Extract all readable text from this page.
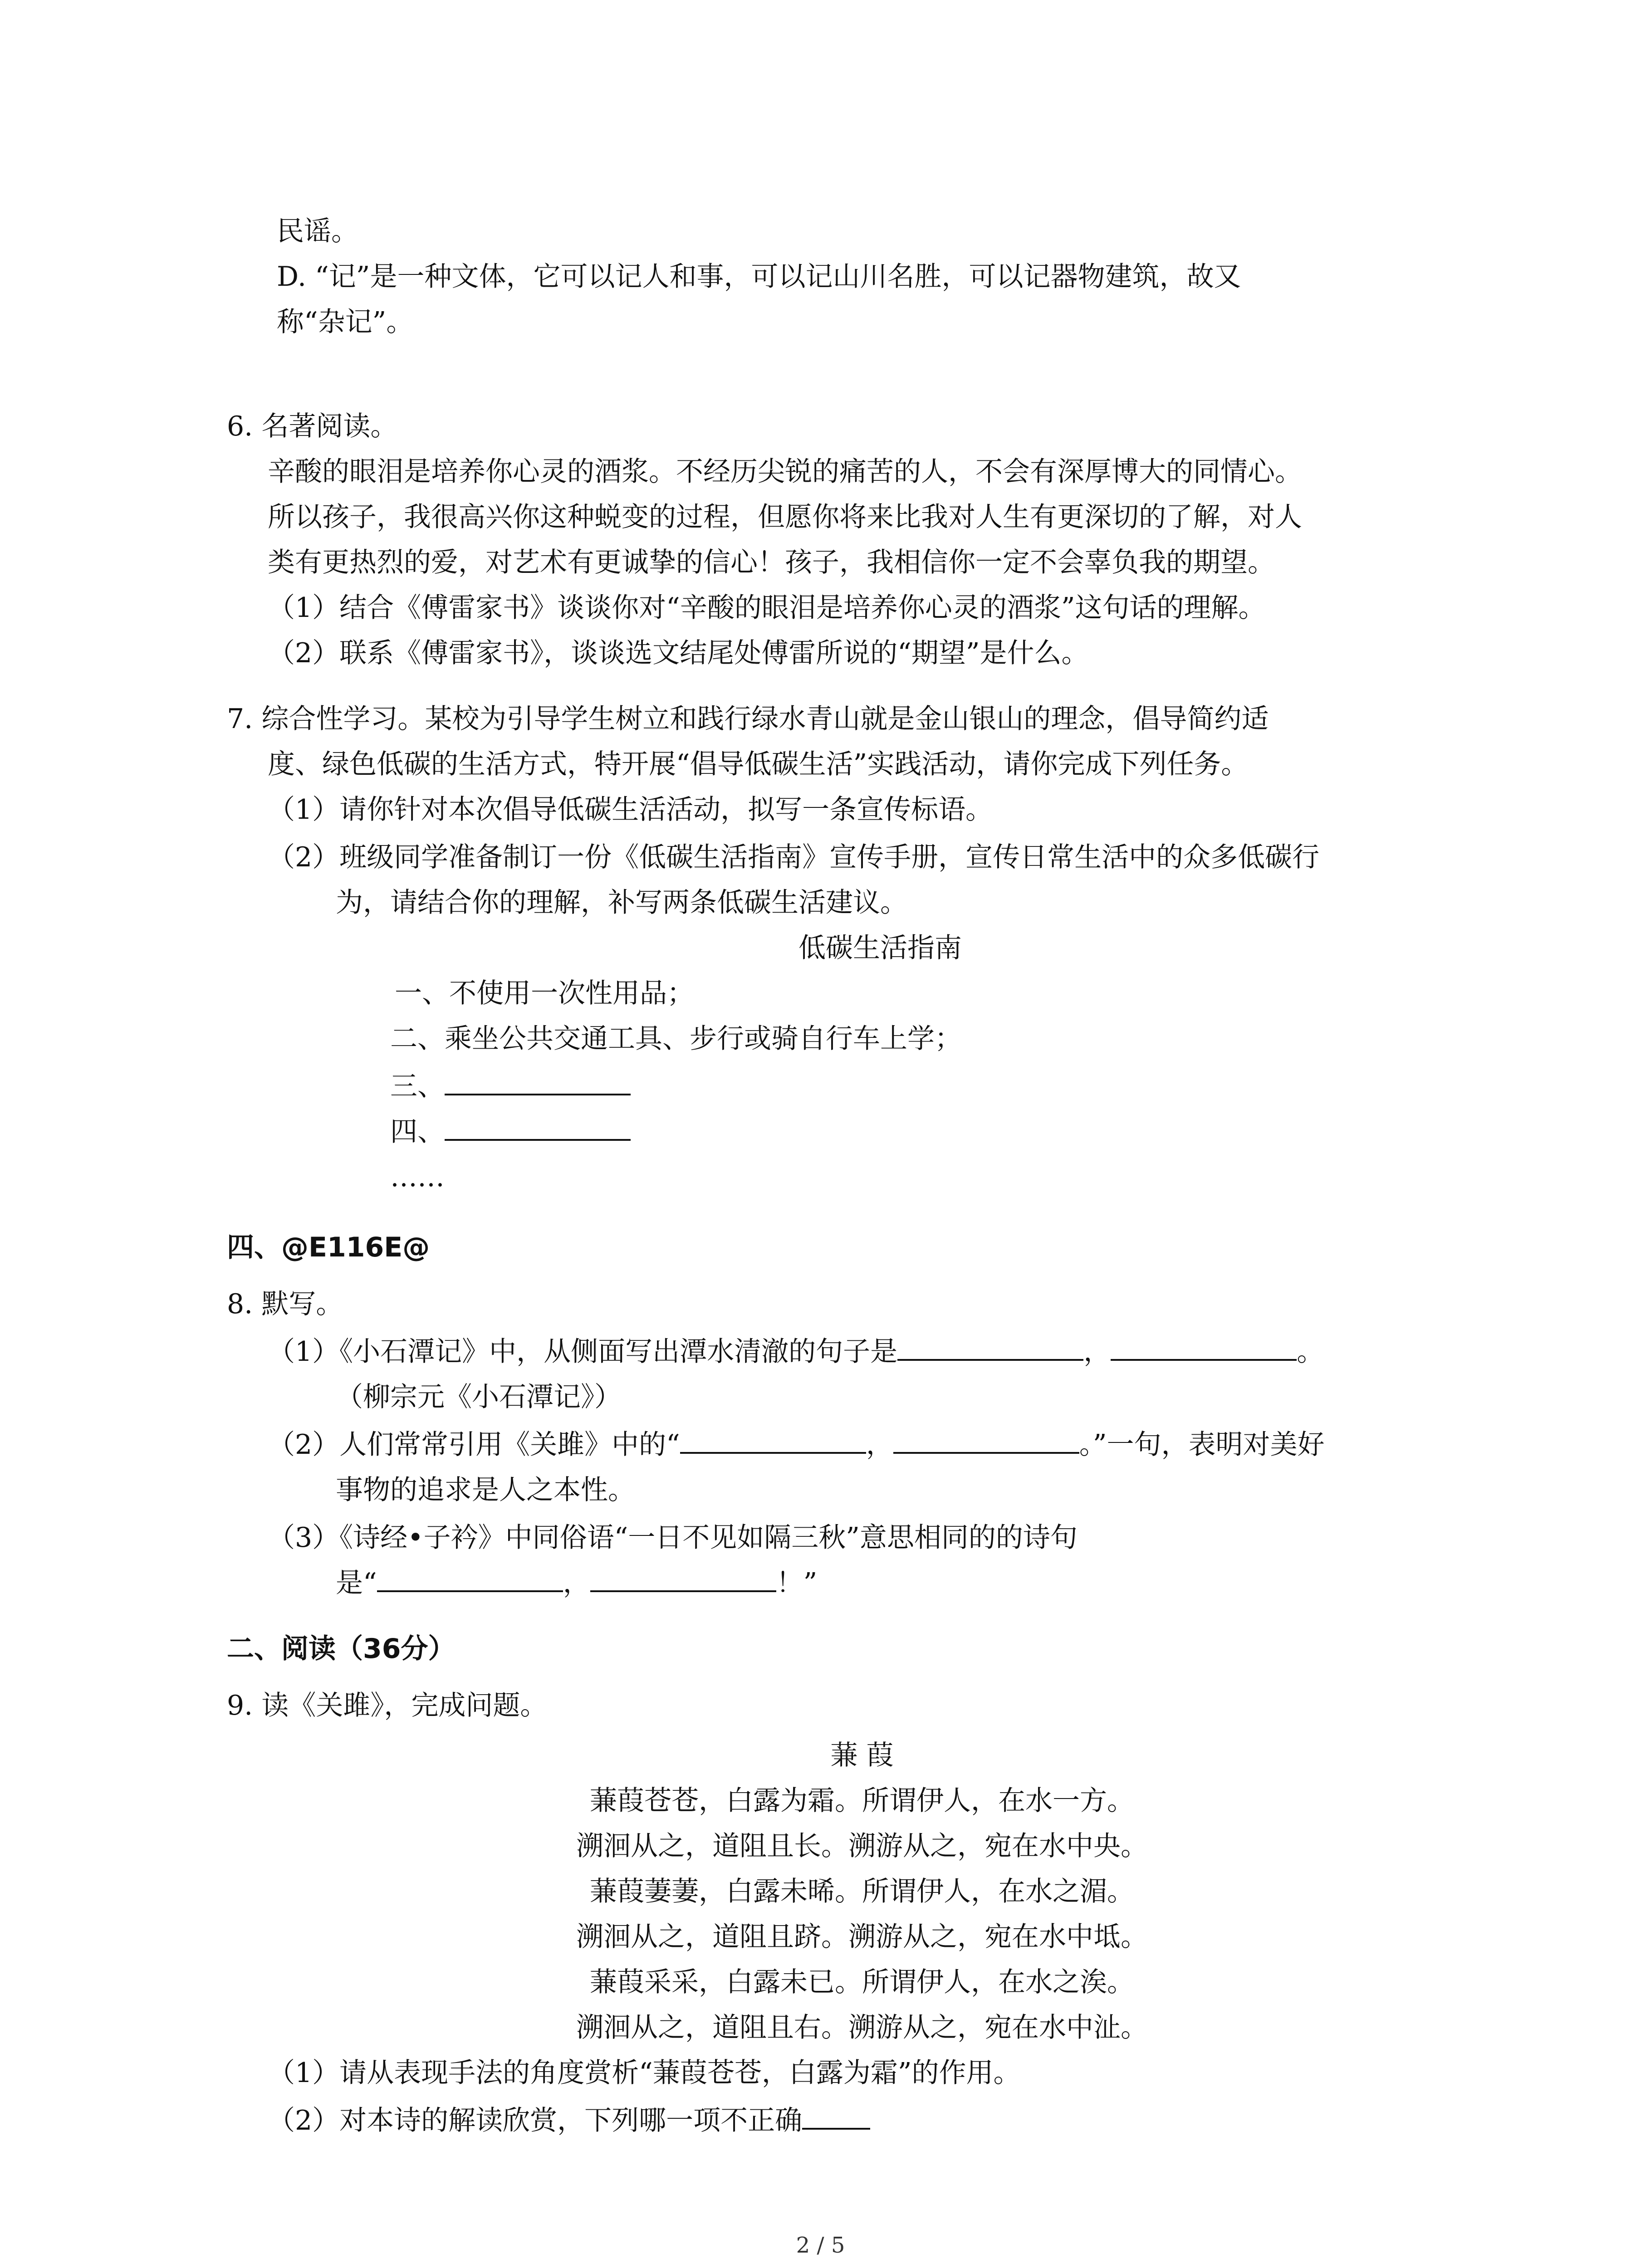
民谣。
D. “记”是一种文体，它可以记人和事，可以记山川名胜，可以记器物建筑，故又
称“杂记”。
6. 名著阅读。
辛酸的眼泪是培养你心灵的酒浆。不经历尖锐的痛苦的人，不会有深厚博大的同情心。
所以孩子，我很高兴你这种蜕变的过程，但愿你将来比我对人生有更深切的了解，对人
类有更热烈的爱，对艺术有更诚挚的信心！孩子，我相信你一定不会辜负我的期望。
（1）结合《傅雷家书》谈谈你对“辛酸的眼泪是培养你心灵的酒浆”这句话的理解。
（2）联系《傅雷家书》，谈谈选文结尾处傅雷所说的“期望”是什么。
7. 综合性学习。某校为引导学生树立和践行绿水青山就是金山银山的理念，倡导简约适
度、绿色低碳的生活方式，特开展“倡导低碳生活”实践活动，请你完成下列任务。
（1）请你针对本次倡导低碳生活活动，拟写一条宣传标语。
（2）班级同学准备制订一份《低碳生活指南》宣传手册，宣传日常生活中的众多低碳行
为，请结合你的理解，补写两条低碳生活建议。
低碳生活指南
一、不使用一次性用品；
二、乘坐公共交通工具、步行或骑自行车上学；
三、
四、
……
四、@E116E@
8. 默写。
（1）《小石潭记》中，从侧面写出潭水清澈的句子是	，	。
（柳宗元《小石潭记》）
（2）人们常常引用《关雎》中的“	，	。”一句，表明对美好
事物的追求是人之本性。
（3）《诗经•子衿》中同俗语“一日不见如隔三秋”意思相同的的诗句
是“	，	！”
二、阅读（36分）
9. 读《关雎》，完成问题。
蒹 葭
蒹葭苍苍，白露为霜。所谓伊人，在水一方。
溯洄从之，道阻且长。溯游从之，宛在水中央。
蒹葭萋萋，白露未晞。所谓伊人，在水之湄。
溯洄从之，道阻且跻。溯游从之，宛在水中坻。
蒹葭采采，白露未已。所谓伊人，在水之涘。
溯洄从之，道阻且右。溯游从之，宛在水中沚。
（1）请从表现手法的角度赏析“蒹葭苍苍，白露为霜”的作用。
（2）对本诗的解读欣赏，下列哪一项不正确
2 / 5
